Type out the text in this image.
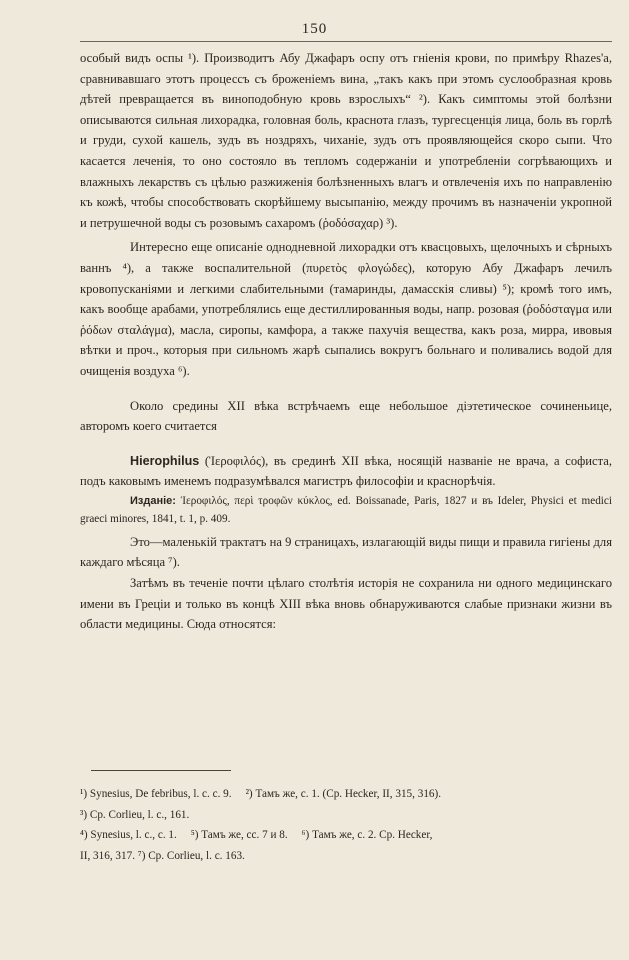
150

особый видъ оспы ¹). Производитъ Абу Джафаръ оспу отъ гніенія крови, по примѣру Rhazes'а, сравнивавшаго этотъ процессъ съ броженіемъ вина, „такъ какъ при этомъ суслообразная кровь дѣтей превращается въ виноподобную кровь взрослыхъ“ ²). Какъ симптомы этой болѣзни описываются сильная лихорадка, головная боль, краснота глазъ, тургесценція лица, боль въ горлѣ и груди, сухой кашель, зудъ въ ноздряхъ, чиханіе, зудъ отъ проявляющейся скоро сыпи. Что касается леченія, то оно состояло въ тепломъ содержаніи и употребленіи согрѣвающихъ и влажныхъ лекарствъ съ цѣлью разжиженія болѣзненныхъ влагъ и отвлеченія ихъ по направленію къ кожѣ, чтобы способствовать скорѣйшему высыпанію, между прочимъ въ назначеніи укропной и петрушечной воды съ розовымъ сахаромъ (ῥοδόσαχαρ) ³).

Интересно еще описаніе однодневной лихорадки отъ квасцовыхъ, щелочныхъ и сѣрныхъ ваннъ ⁴), а также воспалительной (πυρετὸς φλογώδες), которую Абу Джафаръ лечилъ кровопусканіями и легкими слабительными (тамаринды, дамасскія сливы) ⁵); кромѣ того имъ, какъ вообще арабами, употреблялись еще дестиллированныя воды, напр. розовая (ῥοδόσταγμα или ῥόδων σταλάγμα), масла, сиропы, камфора, а также пахучія вещества, какъ роза, мирра, ивовыя вѣтки и проч., которыя при сильномъ жарѣ сыпались вокругъ больнаго и поливались водой для очищенія воздуха ⁶).

Около средины XII вѣка встрѣчаемъ еще небольшое діэтетическое сочиненьице, авторомъ коего считается

Hierophilus (Ἱεροφιλός), въ срединѣ XII вѣка, носящій названіе не врача, а софиста, подъ каковымъ именемъ подразумѣвался магистръ философіи и краснорѣчія.

Изданіе: Ἱεροφιλός, περὶ τροφῶν κύκλος, ed. Boissanade, Paris, 1827 и въ Ideler, Physici et medici graeci minores, 1841, t. 1, p. 409.

Это—маленькій трактатъ на 9 страницахъ, излагающій виды пищи и правила гигіены для каждаго мѣсяца ⁷).

Затѣмъ въ теченіе почти цѣлаго столѣтія исторія не сохранила ни одного медицинскаго имени въ Греціи и только въ концѣ XIII вѣка вновь обнаруживаются слабые признаки жизни въ области медицины. Сюда относятся:

¹) Synesius, De febribus, l. c. c. 9. ²) Тамъ же, c. 1. (Cp. Hecker, II, 315, 316).

³) Cp. Corlieu, l. c., 161.

⁴) Synesius, l. c., c. 1. ⁵) Тамъ же, cc. 7 и 8. ⁶) Тамъ же, c. 2. Cp. Hecker,

II, 316, 317. ⁷) Cp. Corlieu, l. c. 163.
